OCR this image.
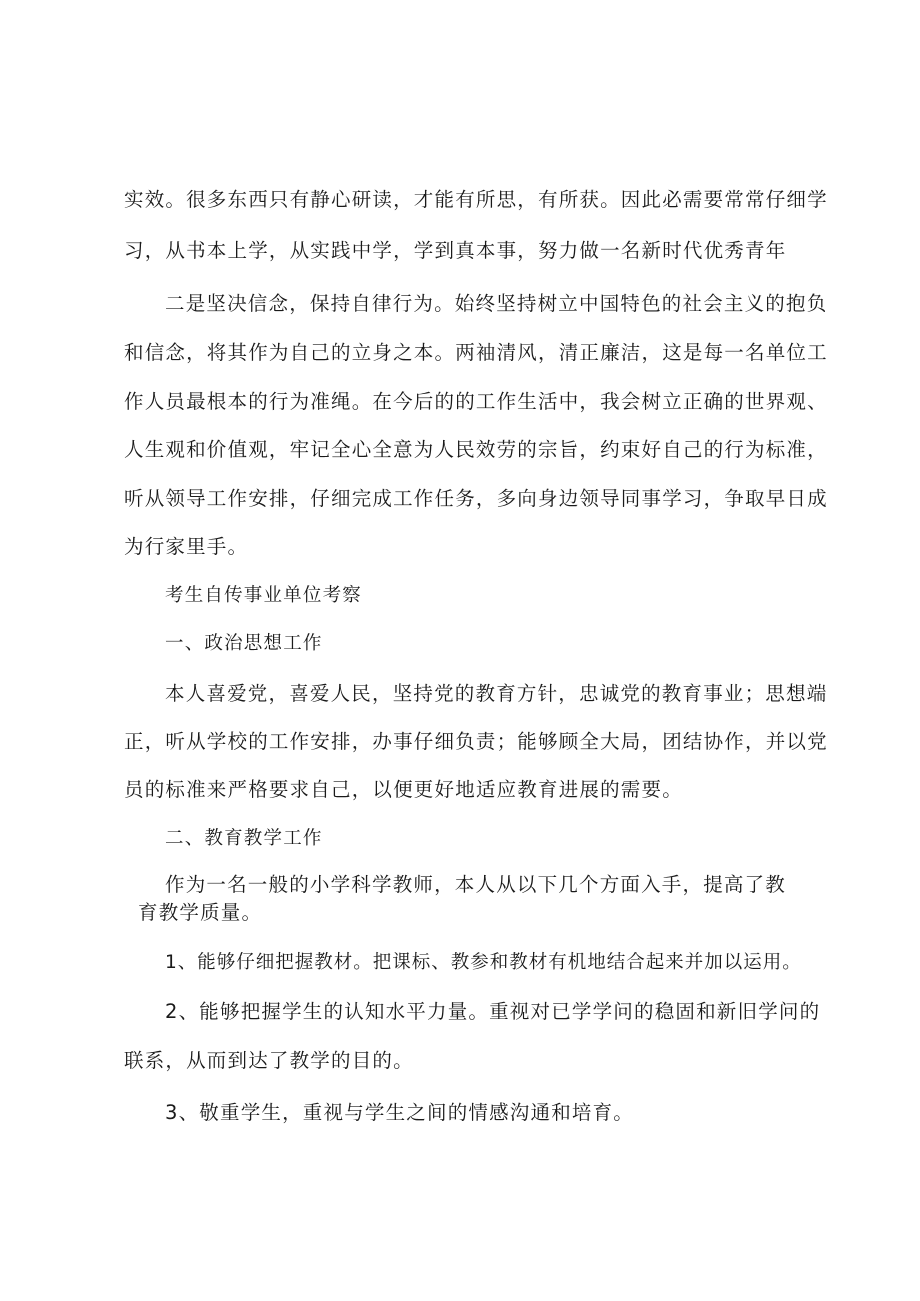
实效。很多东西只有静心研读，才能有所思，有所获。因此必需要常常仔细学
习，从书本上学，从实践中学，学到真本事，努力做一名新时代优秀青年
二是坚决信念，保持自律行为。始终坚持树立中国特色的社会主义的抱负
和信念，将其作为自己的立身之本。两袖清风，清正廉洁，这是每一名单位工
作人员最根本的行为准绳。在今后的的工作生活中，我会树立正确的世界观、
人生观和价值观，牢记全心全意为人民效劳的宗旨，约束好自己的行为标准，
听从领导工作安排，仔细完成工作任务，多向身边领导同事学习，争取早日成
为行家里手。
考生自传事业单位考察
一、政治思想工作
本人喜爱党，喜爱人民，坚持党的教育方针，忠诚党的教育事业；思想端
正，听从学校的工作安排，办事仔细负责；能够顾全大局，团结协作，并以党
员的标准来严格要求自己，以便更好地适应教育进展的需要。
二、教育教学工作
作为一名一般的小学科学教师，本人从以下几个方面入手，提高了教
育教学质量。
1、能够仔细把握教材。把课标、教参和教材有机地结合起来并加以运用。
2、能够把握学生的认知水平力量。重视对已学学问的稳固和新旧学问的
联系，从而到达了教学的目的。
3、敬重学生，重视与学生之间的情感沟通和培育。
